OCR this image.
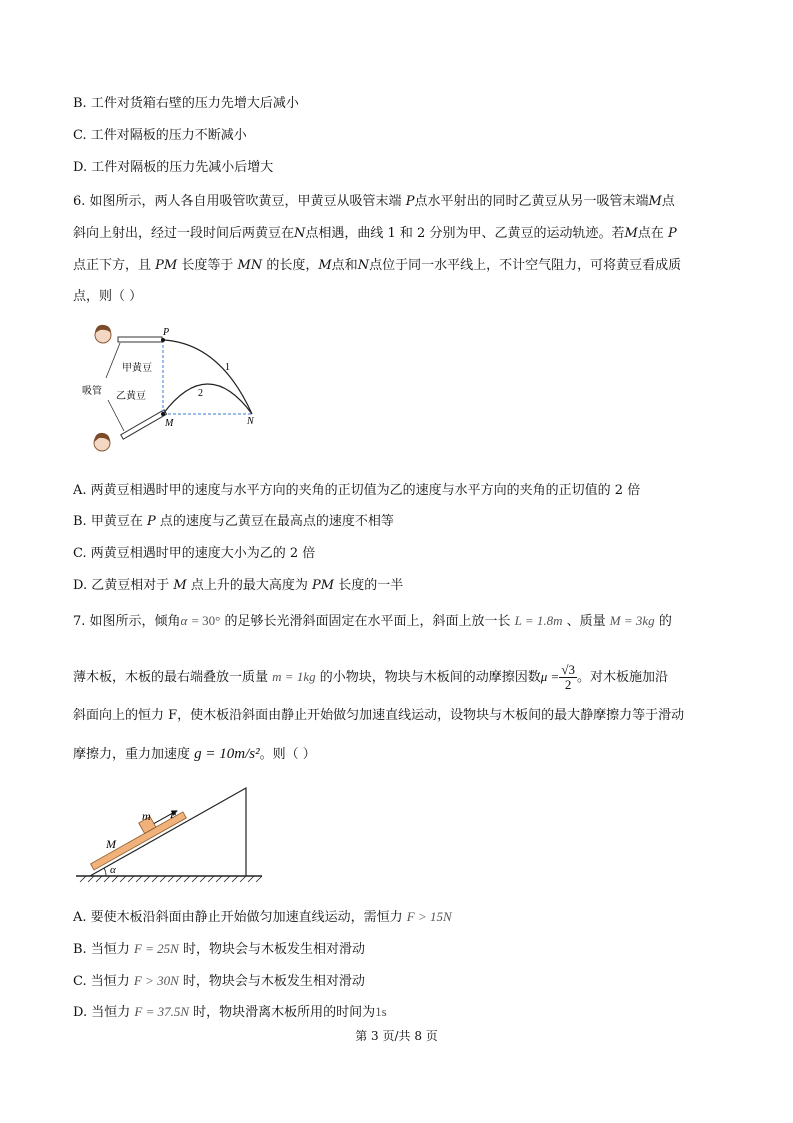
B. 工件对货箱右壁的压力先增大后减小
C. 工件对隔板的压力不断减小
D. 工件对隔板的压力先减小后增大
6. 如图所示，两人各自用吸管吹黄豆，甲黄豆从吸管末端 P点水平射出的同时乙黄豆从另一吸管末端M点
斜向上射出，经过一段时间后两黄豆在N点相遇，曲线 1 和 2 分别为甲、乙黄豆的运动轨迹。若M点在 P
点正下方，且 PM 长度等于 MN 的长度，M点和N点位于同一水平线上，不计空气阻力，可将黄豆看成质
点，则（ ）
P
M	N
1
2
甲黄豆
乙黄豆
吸管
A. 两黄豆相遇时甲的速度与水平方向的夹角的正切值为乙的速度与水平方向的夹角的正切值的 2 倍
B. 甲黄豆在 P 点的速度与乙黄豆在最高点的速度不相等
C. 两黄豆相遇时甲的速度大小为乙的 2 倍
D. 乙黄豆相对于 M 点上升的最大高度为 PM 长度的一半
7. 如图所示，倾角α = 30° 的足够长光滑斜面固定在水平面上，斜面上放一长 L = 1.8m 、质量 M = 3kg 的
薄木板，木板的最右端叠放一质量 m = 1kg 的小物块，物块与木板间的动摩擦因数$\mu = \frac{√3}{2}$ 。对木板施加沿
斜面向上的恒力 F，使木板沿斜面由静止开始做匀加速直线运动，设物块与木板间的最大静摩擦力等于滑动
摩擦力，重力加速度 g = 10m/s²。则（ ）
m F
M
α
A. 要使木板沿斜面由静止开始做匀加速直线运动，需恒力 F > 15N
B. 当恒力 F = 25N 时，物块会与木板发生相对滑动
C. 当恒力 F > 30N 时，物块会与木板发生相对滑动
D. 当恒力 F = 37.5N 时，物块滑离木板所用的时间为1s
第 3 页/共 8 页
